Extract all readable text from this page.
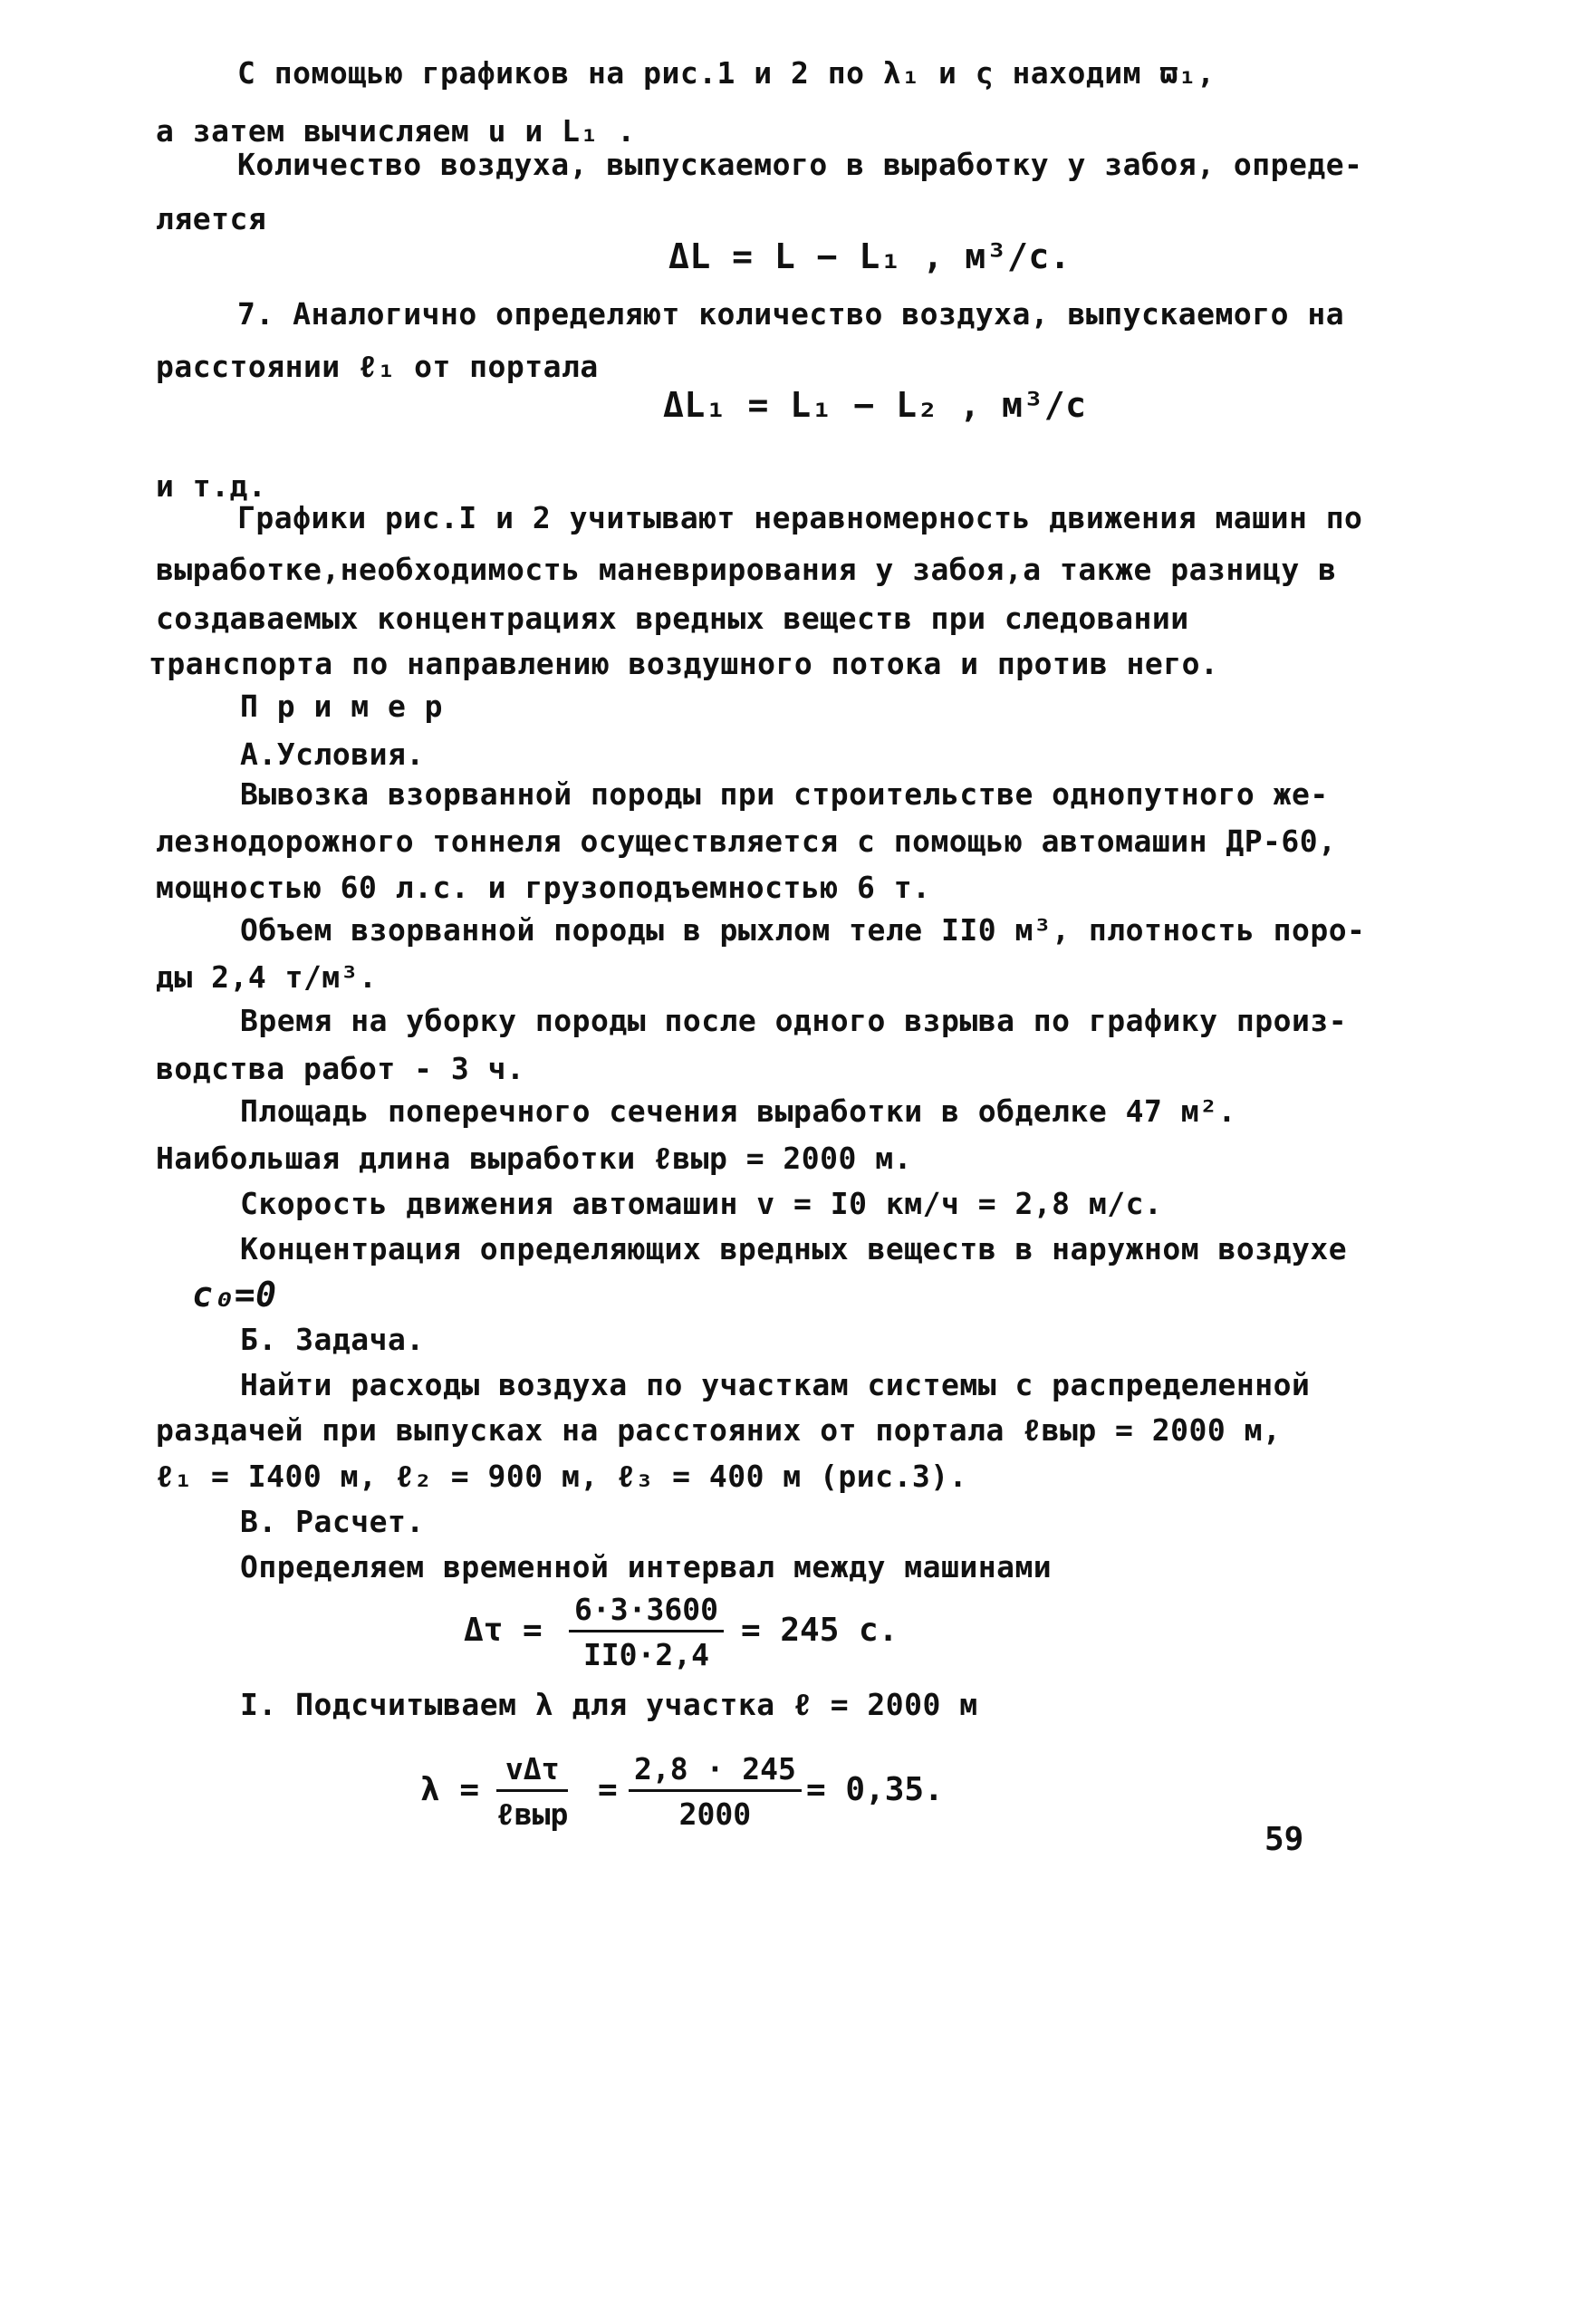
С помощью графиков на рис.1 и 2 по λ₁ и ς находим ϖ₁,
а затем вычисляем u и L₁ .
Количество воздуха, выпускаемого в выработку у забоя, опреде-
ляется
ΔL = L − L₁ , м³/с.
7. Аналогично определяют количество воздуха, выпускаемого на
расстоянии ℓ₁ от портала
ΔL₁ = L₁ − L₂ , м³/с
и т.д.
Графики рис.I и 2 учитывают неравномерность движения машин по
выработке,необходимость маневрирования у забоя,а также разницу в
создаваемых концентрациях вредных веществ при следовании
транспорта по направлению воздушного потока и против него.
П р и м е р
А.Условия.
Вывозка взорванной породы при строительстве однопутного же-
лезнодорожного тоннеля осуществляется с помощью автомашин ДР-60,
мощностью 60 л.с. и грузоподъемностью 6 т.
Объем взорванной породы в рыхлом теле II0 м³, плотность поро-
ды 2,4 т/м³.
Время на уборку породы после одного взрыва по графику произ-
водства работ - 3 ч.
Площадь поперечного сечения выработки в обделке 47 м².
Наибольшая длина выработки ℓвыр = 2000 м.
Скорость движения автомашин v = I0 км/ч = 2,8 м/с.
Концентрация определяющих вредных веществ в наружном воздухе
c₀=0
Б. Задача.
Найти расходы воздуха по участкам системы с распределенной
раздачей при выпусках на расстояних от портала ℓвыр = 2000 м,
ℓ₁ = I400 м, ℓ₂ = 900 м, ℓ₃ = 400 м (рис.3).
В. Расчет.
Определяем временной интервал между машинами
$\Delta\tau = \frac{6\cdot 3\cdot 3600}{II0\cdot 2,4} = 245$ с.
I. Подсчитываем λ для участка ℓ = 2000 м
λ =
vΔτ
ℓвыр
= $\frac{2,8 \cdot 245}{2000} = 0,35$.
59
